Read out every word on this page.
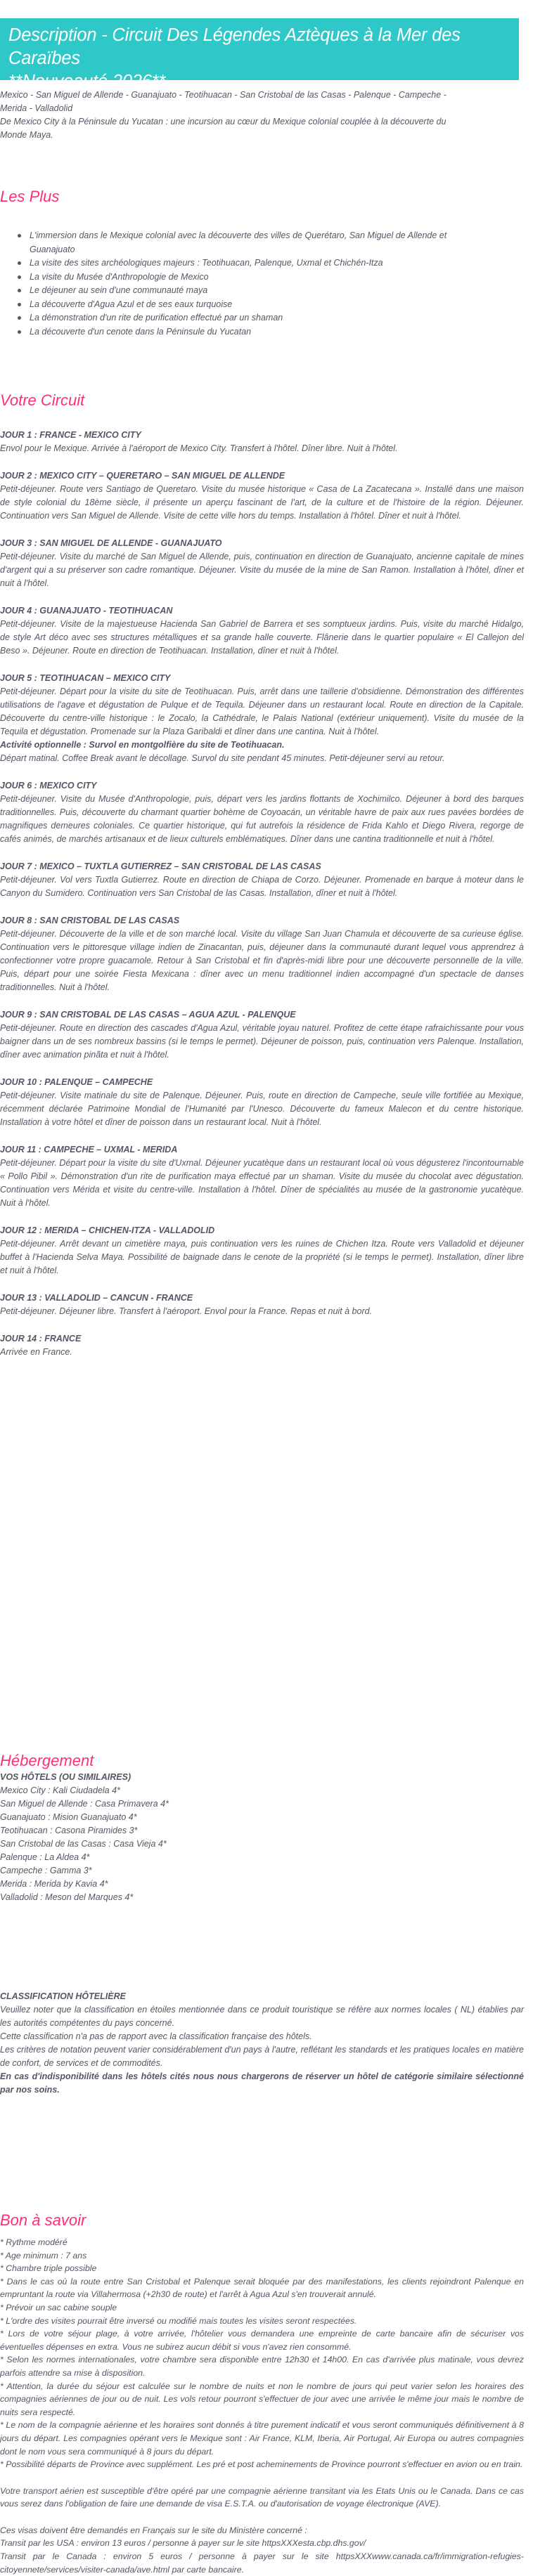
Description - Circuit Des Légendes Aztèques à la Mer des Caraïbes
**Nouveauté 2026**
Mexico - San Miguel de Allende - Guanajuato - Teotihuacan - San Cristobal de las Casas - Palenque - Campeche -
Merida - Valladolid
De Mexico City à la Péninsule du Yucatan : une incursion au cœur du Mexique colonial couplée à la découverte du
Monde Maya.
Les Plus
L'immersion dans le Mexique colonial avec la découverte des villes de Querétaro, San Miguel de Allende et
Guanajuato
La visite des sites archéologiques majeurs : Teotihuacan, Palenque, Uxmal et Chichén-Itza
La visite du Musée d'Anthropologie de Mexico
Le déjeuner au sein d'une communauté maya
La découverte d'Agua Azul et de ses eaux turquoise
La démonstration d'un rite de purification effectué par un shaman
La découverte d'un cenote dans la Péninsule du Yucatan
Votre Circuit
JOUR 1 : FRANCE - MEXICO CITY
Envol pour le Mexique. Arrivée à l'aéroport de Mexico City. Transfert à l'hôtel. Dîner libre. Nuit à l'hôtel.
JOUR 2 : MEXICO CITY – QUERETARO – SAN MIGUEL DE ALLENDE
Petit-déjeuner. Route vers Santiago de Queretaro. Visite du musée historique « Casa de La Zacatecana ». Installé dans une maison de style colonial du 18ème siècle, il présente un aperçu fascinant de l'art, de la culture et de l'histoire de la région. Déjeuner. Continuation vers San Miguel de Allende. Visite de cette ville hors du temps. Installation à l'hôtel. Dîner et nuit à l'hôtel.
JOUR 3 : SAN MIGUEL DE ALLENDE - GUANAJUATO
Petit-déjeuner. Visite du marché de San Miguel de Allende, puis, continuation en direction de Guanajuato, ancienne capitale de mines d'argent qui a su préserver son cadre romantique. Déjeuner. Visite du musée de la mine de San Ramon. Installation à l'hôtel, dîner et nuit à l'hôtel.
JOUR 4 : GUANAJUATO - TEOTIHUACAN
Petit-déjeuner. Visite de la majestueuse Hacienda San Gabriel de Barrera et ses somptueux jardins. Puis, visite du marché Hidalgo, de style Art déco avec ses structures métalliques et sa grande halle couverte. Flânerie dans le quartier populaire « El Callejon del Beso ». Déjeuner. Route en direction de Teotihuacan. Installation, dîner et nuit à l'hôtel.
JOUR 5 : TEOTIHUACAN – MEXICO CITY
Petit-déjeuner. Départ pour la visite du site de Teotihuacan. Puis, arrêt dans une taillerie d'obsidienne. Démonstration des différentes utilisations de l'agave et dégustation de Pulque et de Tequila. Déjeuner dans un restaurant local. Route en direction de la Capitale. Découverte du centre-ville historique : le Zocalo, la Cathédrale, le Palais National (extérieur uniquement). Visite du musée de la Tequila et dégustation. Promenade sur la Plaza Garibaldi et dîner dans une cantina. Nuit à l'hôtel.
Activité optionnelle : Survol en montgolfière du site de Teotihuacan.
Départ matinal. Coffee Break avant le décollage. Survol du site pendant 45 minutes. Petit-déjeuner servi au retour.
JOUR 6 : MEXICO CITY
Petit-déjeuner. Visite du Musée d'Anthropologie, puis, départ vers les jardins flottants de Xochimilco. Déjeuner à bord des barques traditionnelles. Puis, découverte du charmant quartier bohème de Coyoacán, un véritable havre de paix aux rues pavées bordées de magnifiques demeures coloniales. Ce quartier historique, qui fut autrefois la résidence de Frida Kahlo et Diego Rivera, regorge de cafés animés, de marchés artisanaux et de lieux culturels emblématiques. Dîner dans une cantina traditionnelle et nuit à l'hôtel.
JOUR 7 : MEXICO – TUXTLA GUTIERREZ – SAN CRISTOBAL DE LAS CASAS
Petit-déjeuner. Vol vers Tuxtla Gutierrez. Route en direction de Chiapa de Corzo. Déjeuner. Promenade en barque à moteur dans le Canyon du Sumidero. Continuation vers San Cristobal de las Casas. Installation, dîner et nuit à l'hôtel.
JOUR 8 : SAN CRISTOBAL DE LAS CASAS
Petit-déjeuner. Découverte de la ville et de son marché local. Visite du village San Juan Chamula et découverte de sa curieuse église. Continuation vers le pittoresque village indien de Zinacantan, puis, déjeuner dans la communauté durant lequel vous apprendrez à confectionner votre propre guacamole. Retour à San Cristobal et fin d'après-midi libre pour une découverte personnelle de la ville. Puis, départ pour une soirée Fiesta Mexicana : dîner avec un menu traditionnel indien accompagné d'un spectacle de danses traditionnelles. Nuit à l'hôtel.
JOUR 9 : SAN CRISTOBAL DE LAS CASAS – AGUA AZUL - PALENQUE
Petit-déjeuner. Route en direction des cascades d'Agua Azul, véritable joyau naturel. Profitez de cette étape rafraichissante pour vous baigner dans un de ses nombreux bassins (si le temps le permet). Déjeuner de poisson, puis, continuation vers Palenque. Installation, dîner avec animation pinãta et nuit à l'hôtel.
JOUR 10 : PALENQUE – CAMPECHE
Petit-déjeuner. Visite matinale du site de Palenque. Déjeuner. Puis, route en direction de Campeche, seule ville fortifiée au Mexique, récemment déclarée Patrimoine Mondial de l'Humanité par l'Unesco. Découverte du fameux Malecon et du centre historique. Installation à votre hôtel et dîner de poisson dans un restaurant local. Nuit à l'hôtel.
JOUR 11 : CAMPECHE – UXMAL - MERIDA
Petit-déjeuner. Départ pour la visite du site d'Uxmal. Déjeuner yucatèque dans un restaurant local où vous dégusterez l'incontournable « Pollo Pibil ». Démonstration d'un rite de purification maya effectué par un shaman. Visite du musée du chocolat avec dégustation. Continuation vers Mérida et visite du centre-ville. Installation à l'hôtel. Dîner de spécialités au musée de la gastronomie yucatèque. Nuit à l'hôtel.
JOUR 12 : MERIDA – CHICHEN-ITZA - VALLADOLID
Petit-déjeuner. Arrêt devant un cimetière maya, puis continuation vers les ruines de Chichen Itza. Route vers Valladolid et déjeuner buffet à l'Hacienda Selva Maya. Possibilité de baignade dans le cenote de la propriété (si le temps le permet). Installation, dîner libre et nuit à l'hôtel.
JOUR 13 : VALLADOLID – CANCUN - FRANCE
Petit-déjeuner. Déjeuner libre. Transfert à l'aéroport. Envol pour la France. Repas et nuit à bord.
JOUR 14 : FRANCE
Arrivée en France.
Hébergement
VOS HÔTELS (OU SIMILAIRES)
Mexico City : Kali Ciudadela 4*
San Miguel de Allende : Casa Primavera 4*
Guanajuato : Mision Guanajuato 4*
Teotihuacan : Casona Piramides 3*
San Cristobal de las Casas : Casa Vieja 4*
Palenque : La Aldea 4*
Campeche : Gamma 3*
Merida : Merida by Kavia 4*
Valladolid : Meson del Marques 4*

CLASSIFICATION HÔTELIÈRE

Veuillez noter que la classification en étoiles mentionnée dans ce produit touristique se réfère aux normes locales ( NL) établies par les autorités compétentes du pays concerné.

Cette classification n'a pas de rapport avec la classification française des hôtels.

Les critères de notation peuvent varier considérablement d'un pays à l'autre, reflétant les standards et les pratiques locales en matière de confort, de services et de commodités.

En cas d'indisponibilité dans les hôtels cités nous nous chargerons de réserver un hôtel de catégorie similaire sélectionné par nos soins.

Bon à savoir

* Rythme modéré

* Age minimum : 7 ans

* Chambre triple possible

* Dans le cas où la route entre San Cristobal et Palenque serait bloquée par des manifestations, les clients rejoindront Palenque en empruntant la route via Villahermosa (+2h30 de route) et l'arrêt à Agua Azul s'en trouverait annulé.

* Prévoir un sac cabine souple

* L'ordre des visites pourrait être inversé ou modifié mais toutes les visites seront respectées.

* Lors de votre séjour plage, à votre arrivée, l'hôtelier vous demandera une empreinte de carte bancaire afin de sécuriser vos éventuelles dépenses en extra. Vous ne subirez aucun débit si vous n'avez rien consommé.

* Selon les normes internationales, votre chambre sera disponible entre 12h30 et 14h00. En cas d'arrivée plus matinale, vous devrez parfois attendre sa mise à disposition.

* Attention, la durée du séjour est calculée sur le nombre de nuits et non le nombre de jours qui peut varier selon les horaires des compagnies aériennes de jour ou de nuit. Les vols retour pourront s'effectuer de jour avec une arrivée le même jour mais le nombre de nuits sera respecté.

* Le nom de la compagnie aérienne et les horaires sont donnés à titre purement indicatif et vous seront communiqués définitivement à 8 jours du départ. Les compagnies opérant vers le Mexique sont : Air France, KLM, Iberia, Air Portugal, Air Europa ou autres compagnies dont le nom vous sera communiqué à 8 jours du départ.

* Possibilité départs de Province avec supplément. Les pré et post acheminements de Province pourront s'effectuer en avion ou en train.

Votre transport aérien est susceptible d'être opéré par une compagnie aérienne transitant via les Etats Unis ou le Canada. Dans ce cas vous serez dans l'obligation de faire une demande de visa E.S.T.A. ou d'autorisation de voyage électronique (AVE).

Ces visas doivent être demandés en Français sur le site du Ministère concerné :

Transit par les USA : environ 13 euros / personne à payer sur le site httpsXXXesta.cbp.dhs.gov/

Transit par le Canada : environ 5 euros / personne à payer sur le site httpsXXXwww.canada.ca/fr/immigration-refugies-citoyennete/services/visiter-canada/ave.html par carte bancaire.
